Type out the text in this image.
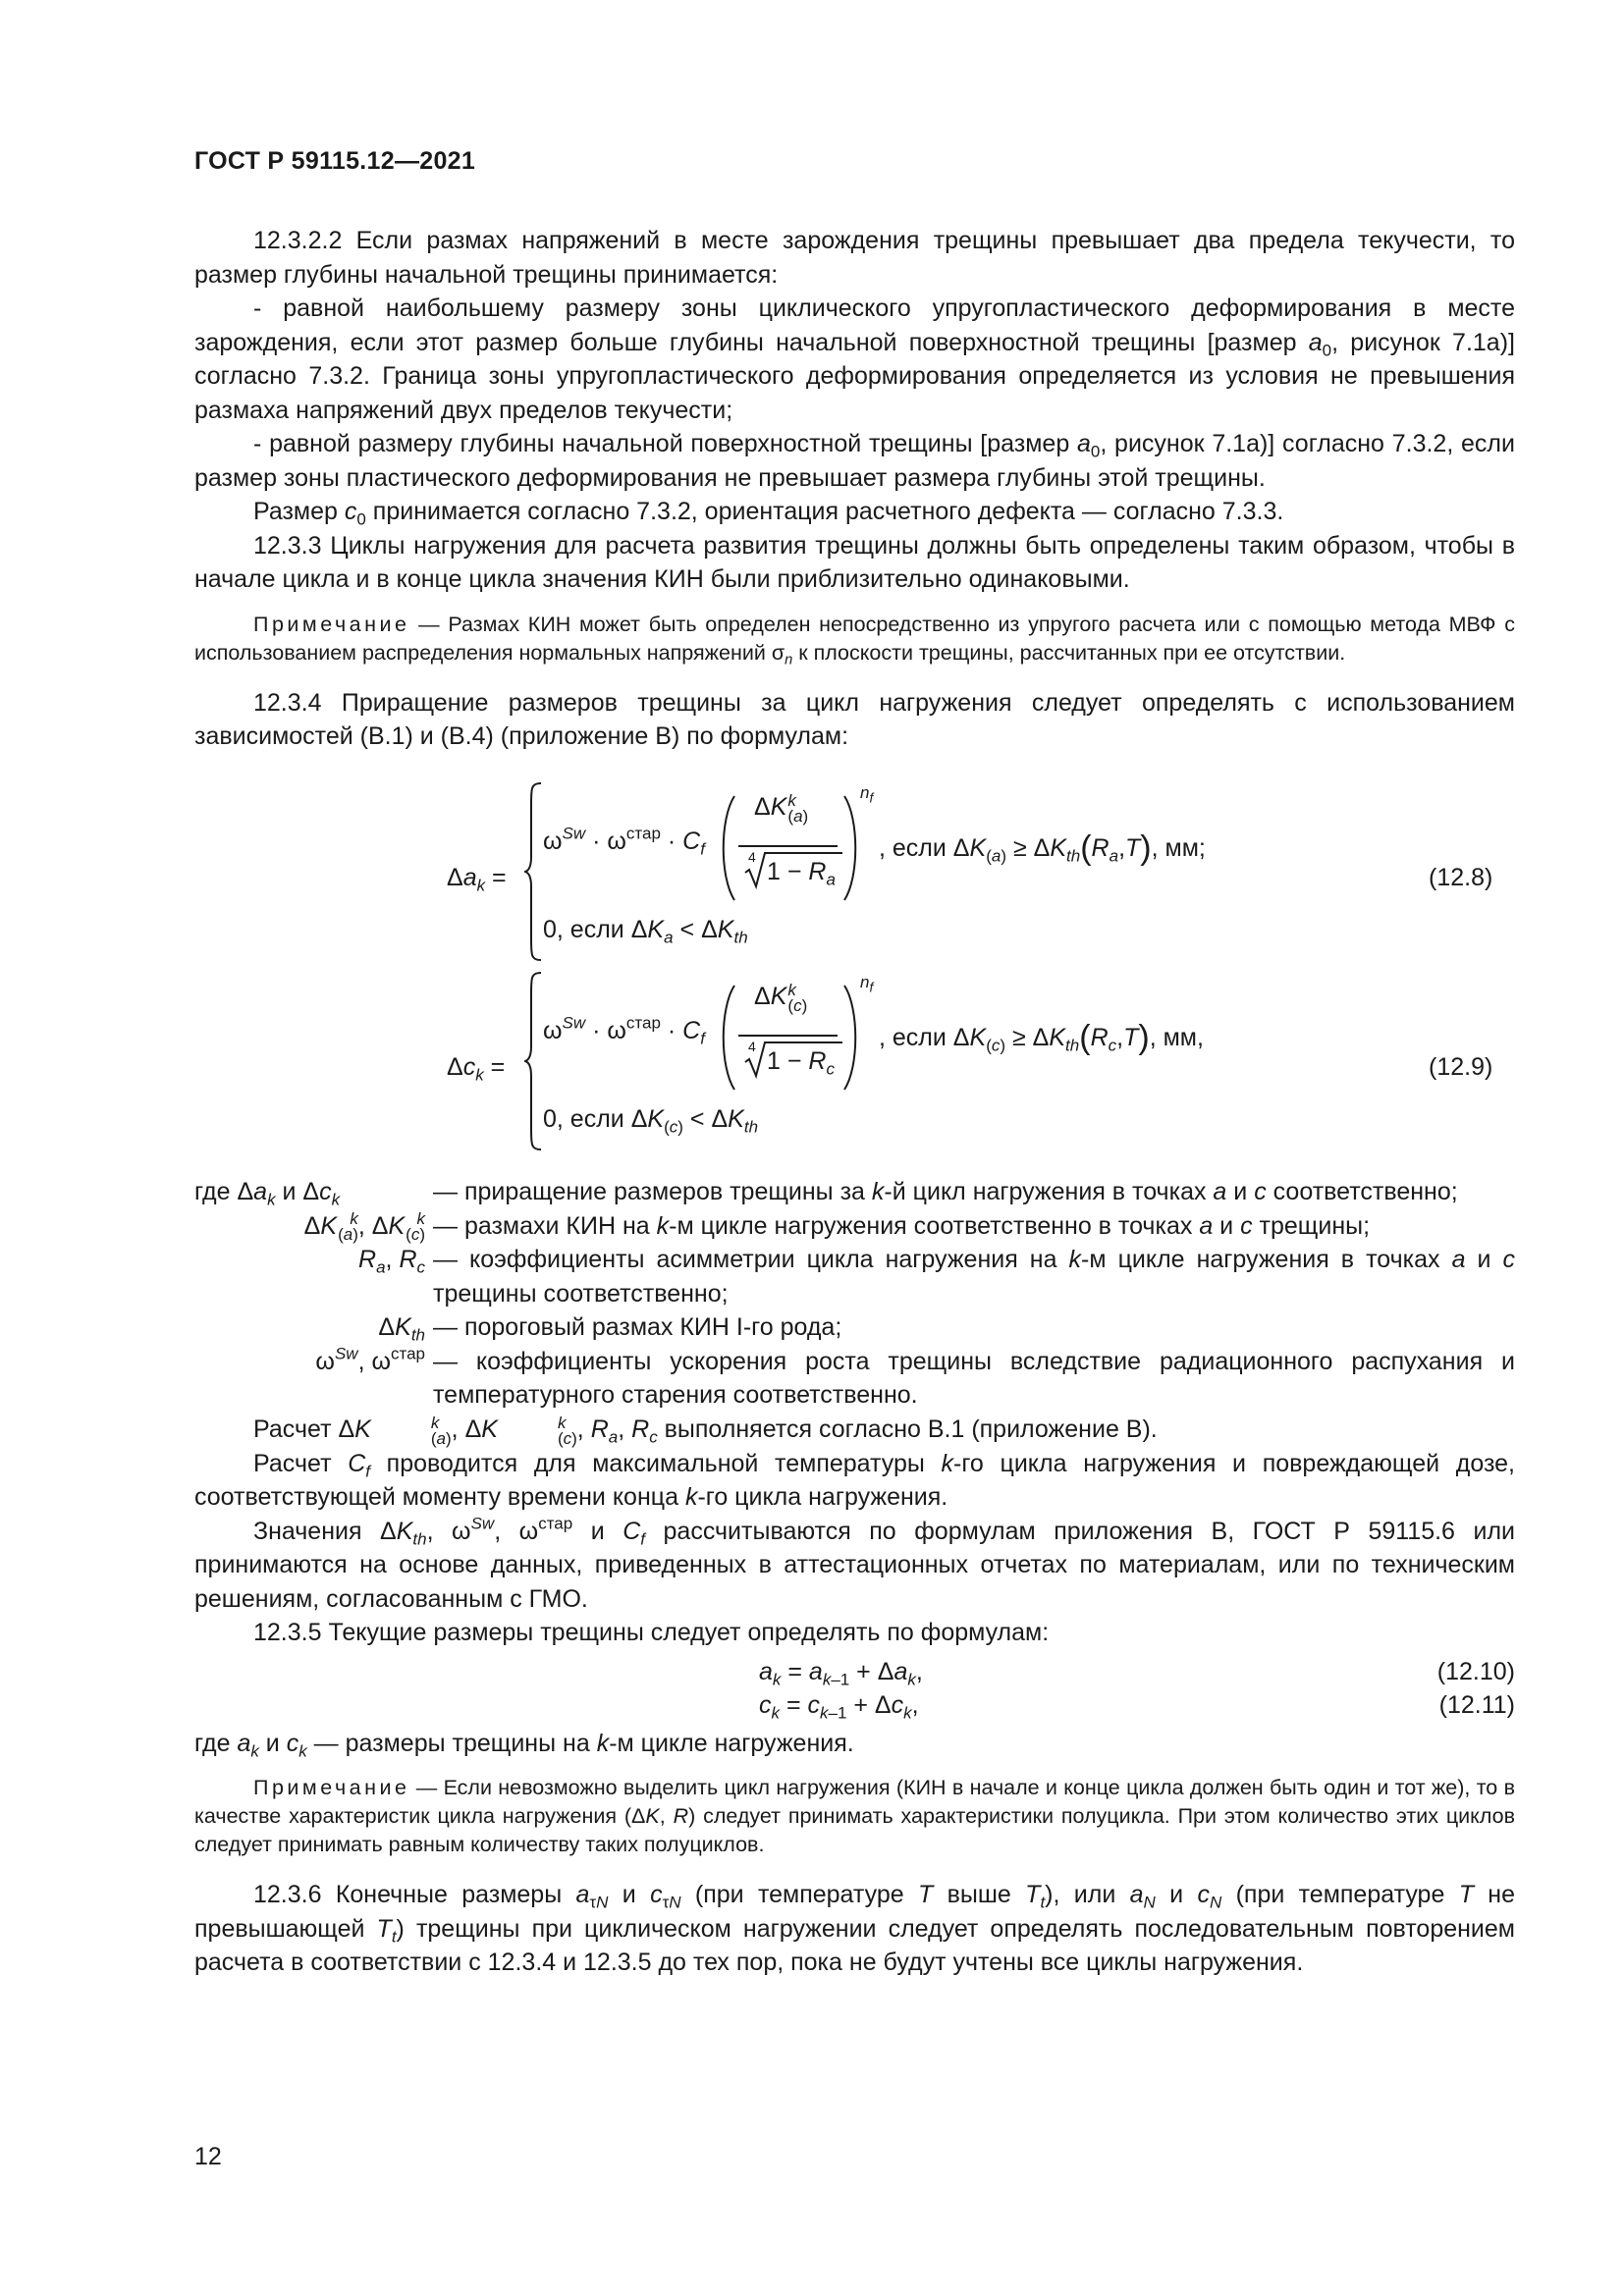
ГОСТ Р 59115.12—2021

12.3.2.2 Если размах напряжений в месте зарождения трещины превышает два предела текучести, то размер глубины начальной трещины принимается:

- равной наибольшему размеру зоны циклического упругопластического деформирования в месте зарождения, если этот размер больше глубины начальной поверхностной трещины [размер $a_0$, рисунок 7.1а)] согласно 7.3.2. Граница зоны упругопластического деформирования определяется из условия не превышения размаха напряжений двух пределов текучести;

- равной размеру глубины начальной поверхностной трещины [размер $a_0$, рисунок 7.1а)] согласно 7.3.2, если размер зоны пластического деформирования не превышает размера глубины этой трещины.

Размер $c_0$ принимается согласно 7.3.2, ориентация расчетного дефекта — согласно 7.3.3.

12.3.3 Циклы нагружения для расчета развития трещины должны быть определены таким образом, чтобы в начале цикла и в конце цикла значения КИН были приблизительно одинаковыми.

Примечание — Размах КИН может быть определен непосредственно из упругого расчета или с помощью метода МВФ с использованием распределения нормальных напряжений $\sigma_n$ к плоскости трещины, рассчитанных при ее отсутствии.

12.3.4 Приращение размеров трещины за цикл нагружения следует определять с использованием зависимостей (В.1) и (В.4) (приложение В) по формулам:

$\Delta a_k$ =
$\omega^{Sw} \cdot \omega^{стар} \cdot C_f$
ΔK k
(a)
4
$1 - R_a$
$n_f$
, если $\Delta K_{(a)} \ge \Delta K_{th}(R_a,T)$, мм;
(12.8)
0, если $\Delta K_a < \Delta K_{th}$
$\Delta c_k$ =
$\omega^{Sw} \cdot \omega^{стар} \cdot C_f$
ΔK k
(c)
4
$1 - R_c$
$n_f$
, если $\Delta K_{(c)} \ge \Delta K_{th}(R_c,T)$, мм,
(12.9)
0, если $\Delta K_{(c)} < \Delta K_{th}$
где $\Delta a_k$ и $\Delta c_k$	— приращение размеров трещины за k-й цикл нагружения в точках a и c соответственно;
ΔK k
(a) , ΔK k
(c) — размахи КИН на k-м цикле нагружения соответственно в точках a и c трещины;
$R_a$, $R_c$ — коэффициенты асимметрии цикла нагружения на k-м цикле нагружения в точках a и c трещины соответственно;
$\Delta K_{th}$ — пороговый размах КИН I-го рода;
$\omega^{Sw}$, $\omega^{стар}$ — коэффициенты ускорения роста трещины вследствие радиационного распухания и температурного старения соответственно.

Расчет ΔK	k
(a) , ΔK	k
(c) , $R_a$, $R_c$ выполняется согласно В.1 (приложение В).

Расчет $C_f$ проводится для максимальной температуры k-го цикла нагружения и повреждающей дозе, соответствующей моменту времени конца k-го цикла нагружения.

Значения $\Delta K_{th}$, $\omega^{Sw}$, $\omega^{стар}$ и $C_f$ рассчитываются по формулам приложения В, ГОСТ Р 59115.6 или принимаются на основе данных, приведенных в аттестационных отчетах по материалам, или по техническим решениям, согласованным с ГМО.

12.3.5 Текущие размеры трещины следует определять по формулам:

$a_k = a_{k-1} + \Delta a_k$,	(12.10)
$c_k = c_{k-1} + \Delta c_k$,	(12.11)

где $a_k$ и $c_k$ — размеры трещины на k-м цикле нагружения.

Примечание — Если невозможно выделить цикл нагружения (КИН в начале и конце цикла должен быть один и тот же), то в качестве характеристик цикла нагружения (ΔK, R) следует принимать характеристики полуцикла. При этом количество этих циклов следует принимать равным количеству таких полуциклов.

12.3.6 Конечные размеры $a_{\tau N}$ и $c_{\tau N}$ (при температуре T выше $T_t$), или $a_N$ и $c_N$ (при температуре T не превышающей $T_t$) трещины при циклическом нагружении следует определять последовательным повторением расчета в соответствии с 12.3.4 и 12.3.5 до тех пор, пока не будут учтены все циклы нагружения.

12
